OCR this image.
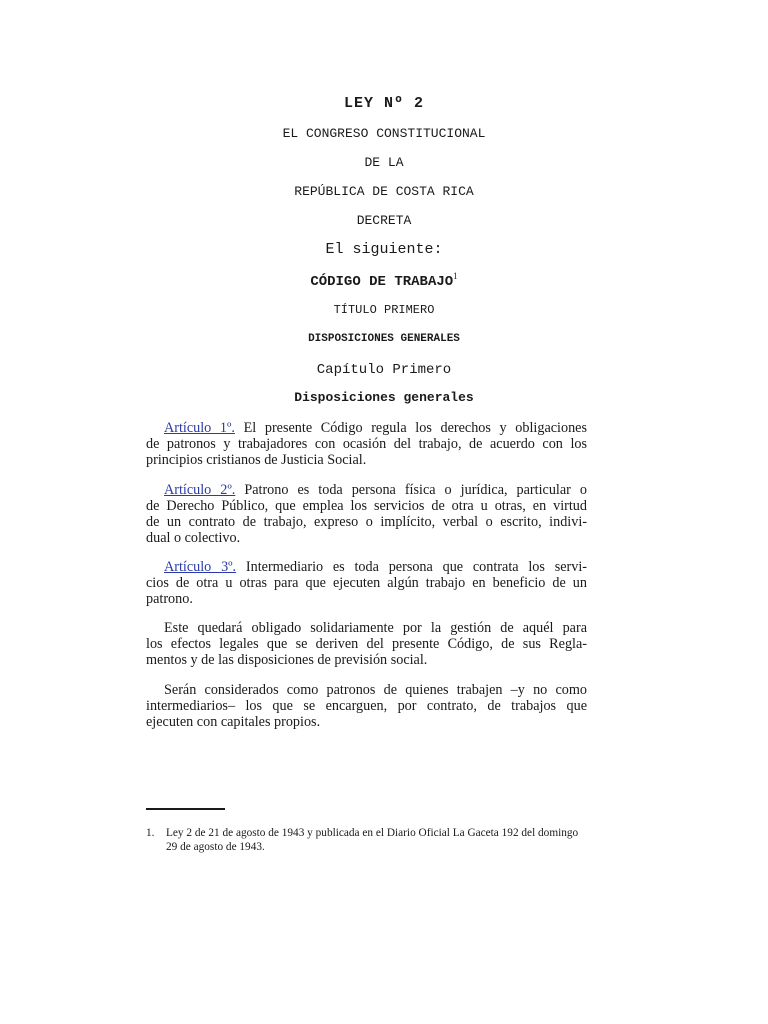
LEY Nº 2
EL CONGRESO CONSTITUCIONAL
DE LA
REPÚBLICA DE COSTA RICA
DECRETA
El siguiente:
CÓDIGO DE TRABAJO$^1$
TÍTULO PRIMERO
DISPOSICIONES GENERALES
Capítulo Primero
Disposiciones generales

Artículo 1º. El presente Código regula los derechos y obligaciones
de patronos y trabajadores con ocasión del trabajo, de acuerdo con los
principios cristianos de Justicia Social.

Artículo 2º. Patrono es toda persona física o jurídica, particular o
de Derecho Público, que emplea los servicios de otra u otras, en virtud
de un contrato de trabajo, expreso o implícito, verbal o escrito, indivi-
dual o colectivo.

Artículo 3º. Intermediario es toda persona que contrata los servi-
cios de otra u otras para que ejecuten algún trabajo en beneficio de un
patrono.

Este quedará obligado solidariamente por la gestión de aquél para
los efectos legales que se deriven del presente Código, de sus Regla-
mentos y de las disposiciones de previsión social.

Serán considerados como patronos de quienes trabajen –y no como
intermediarios– los que se encarguen, por contrato, de trabajos que
ejecuten con capitales propios.

1. Ley 2 de 21 de agosto de 1943 y publicada en el Diario Oficial La Gaceta 192 del domingo 29 de agosto de 1943.
